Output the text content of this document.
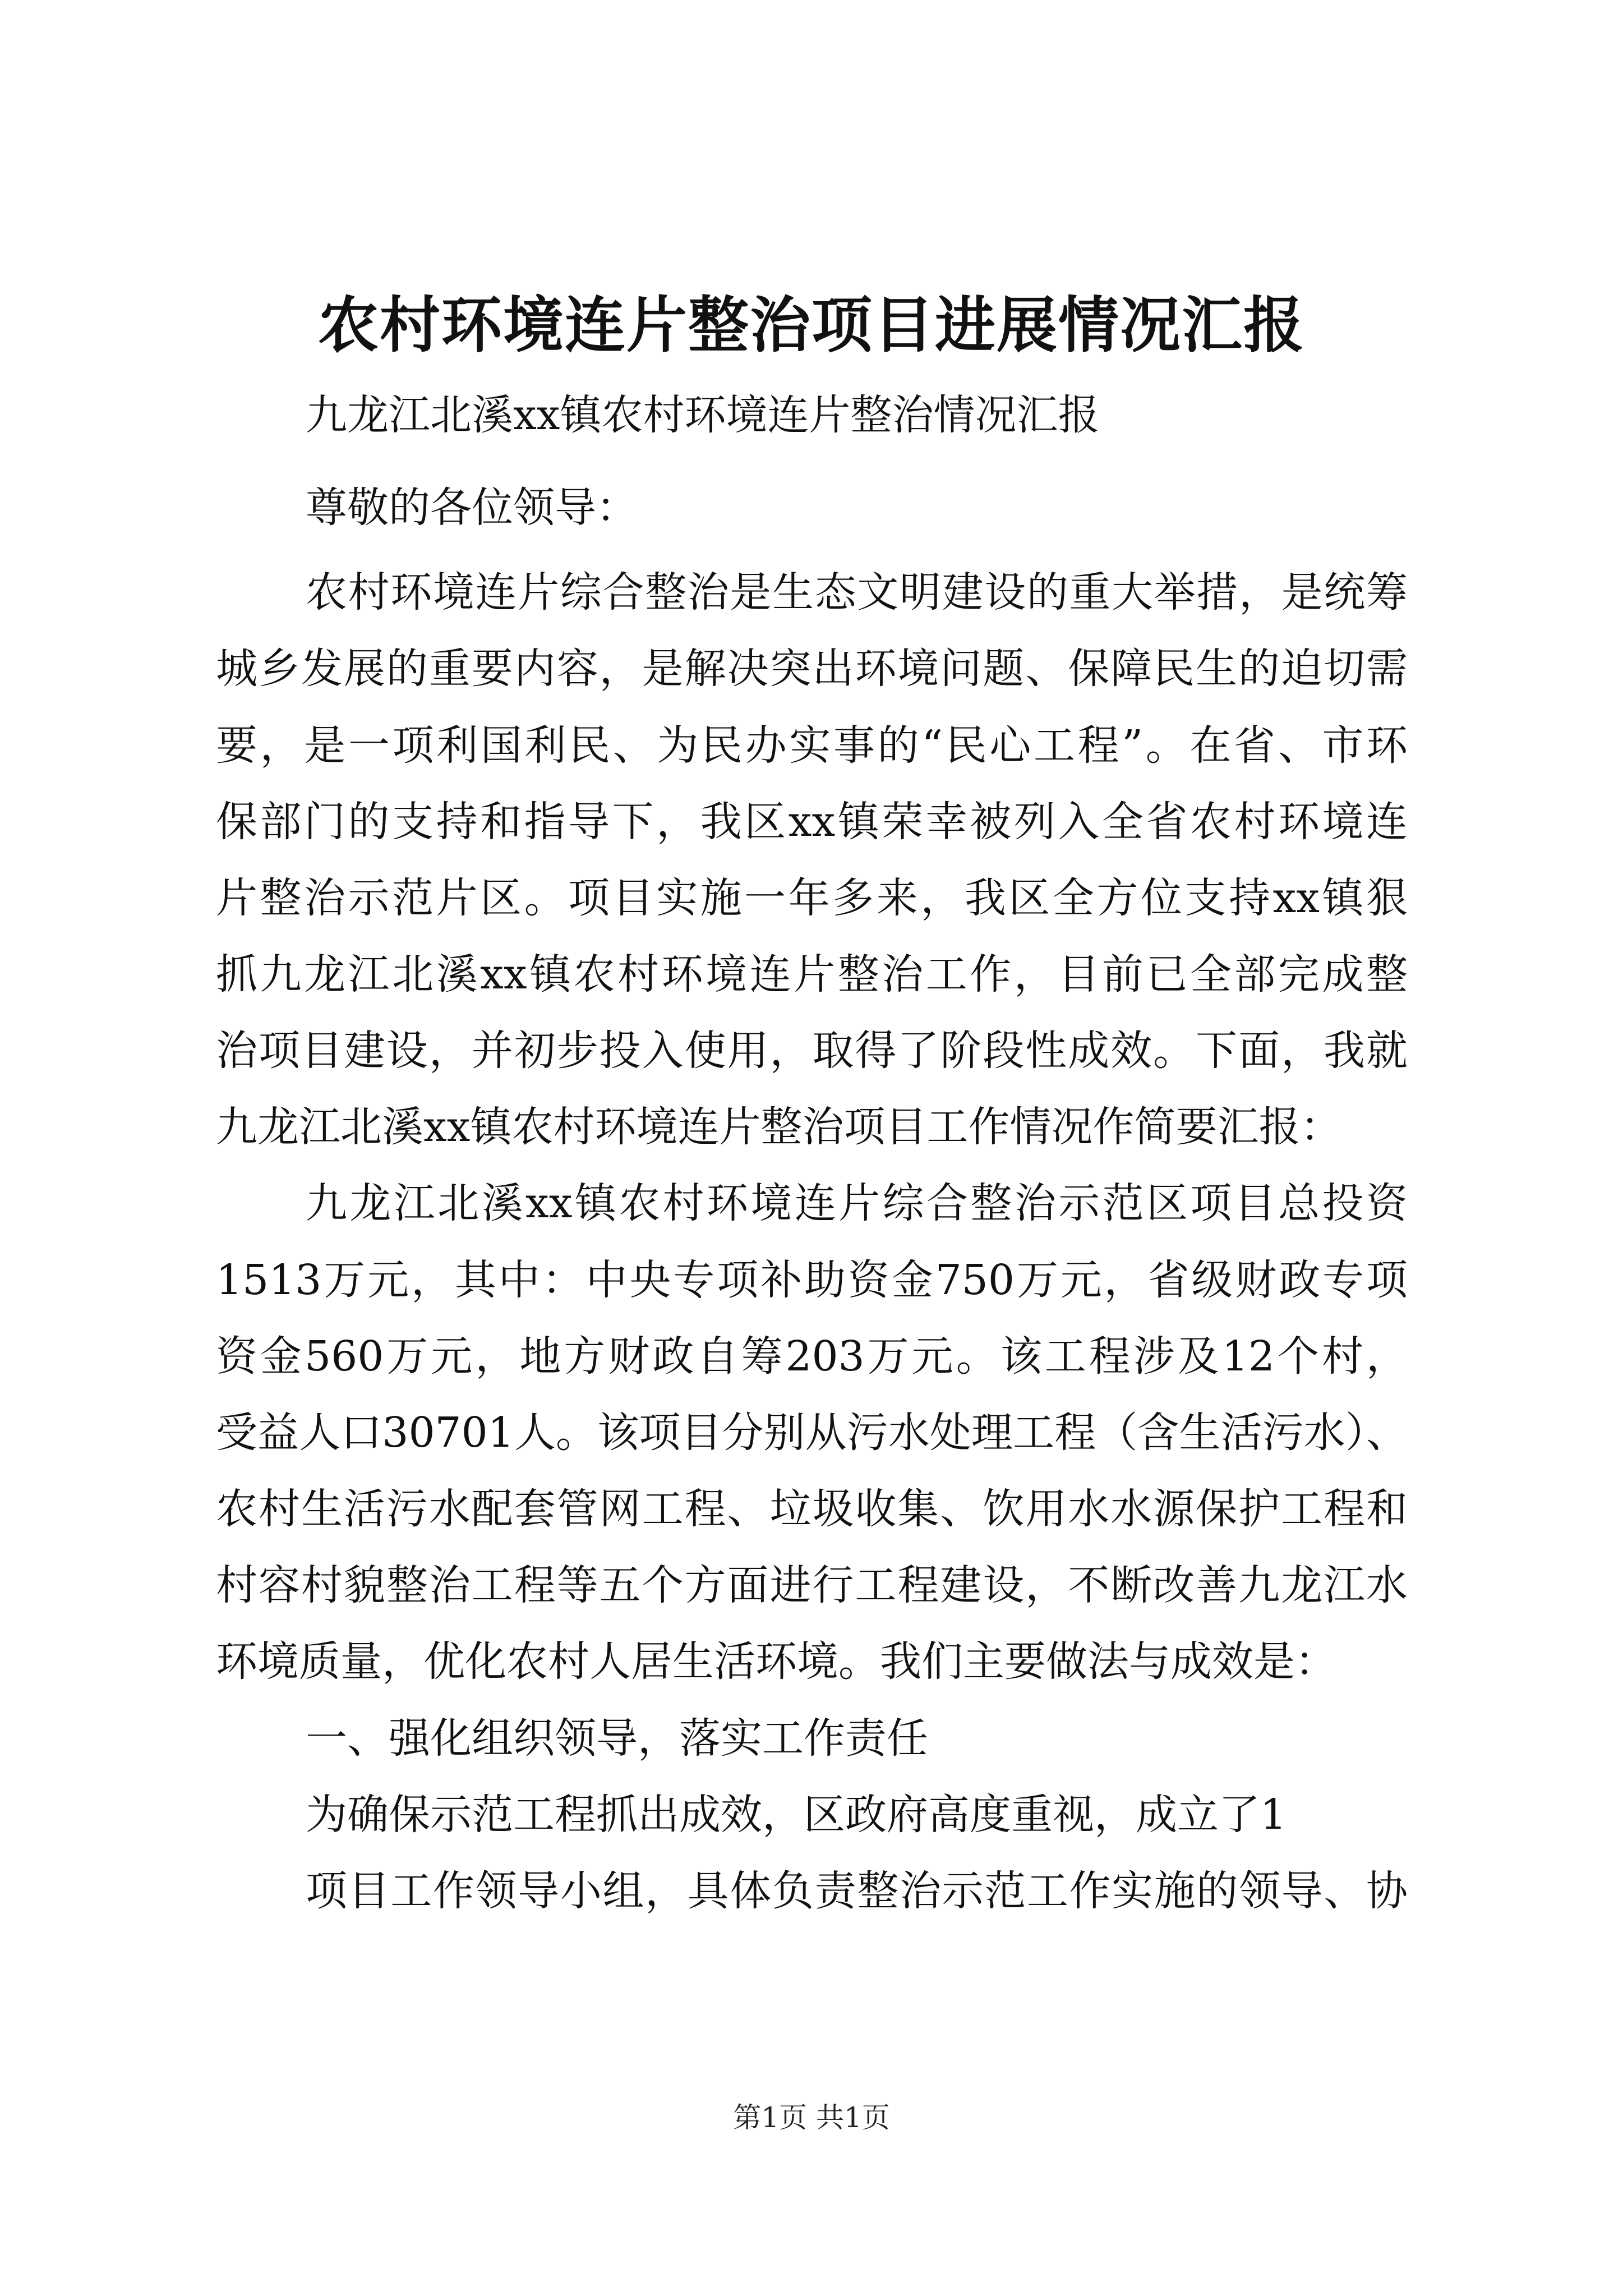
农村环境连片整治项目进展情况汇报
九龙江北溪xx镇农村环境连片整治情况汇报
尊敬的各位领导：
农村环境连片综合整治是生态文明建设的重大举措，是统筹
城乡发展的重要内容，是解决突出环境问题、保障民生的迫切需
要，是一项利国利民、为民办实事的“民心工程”。在省、市环
保部门的支持和指导下，我区xx镇荣幸被列入全省农村环境连
片整治示范片区。项目实施一年多来，我区全方位支持xx镇狠
抓九龙江北溪xx镇农村环境连片整治工作，目前已全部完成整
治项目建设，并初步投入使用，取得了阶段性成效。下面，我就
九龙江北溪xx镇农村环境连片整治项目工作情况作简要汇报：
九龙江北溪xx镇农村环境连片综合整治示范区项目总投资
1513万元，其中：中央专项补助资金750万元，省级财政专项
资金560万元，地方财政自筹203万元。该工程涉及12个村，
受益人口30701人。该项目分别从污水处理工程（含生活污水）、
农村生活污水配套管网工程、垃圾收集、饮用水水源保护工程和
村容村貌整治工程等五个方面进行工程建设，不断改善九龙江水
环境质量，优化农村人居生活环境。我们主要做法与成效是：
一、强化组织领导，落实工作责任
为确保示范工程抓出成效，区政府高度重视，成立了1
项目工作领导小组，具体负责整治示范工作实施的领导、协
第1页 共1页
